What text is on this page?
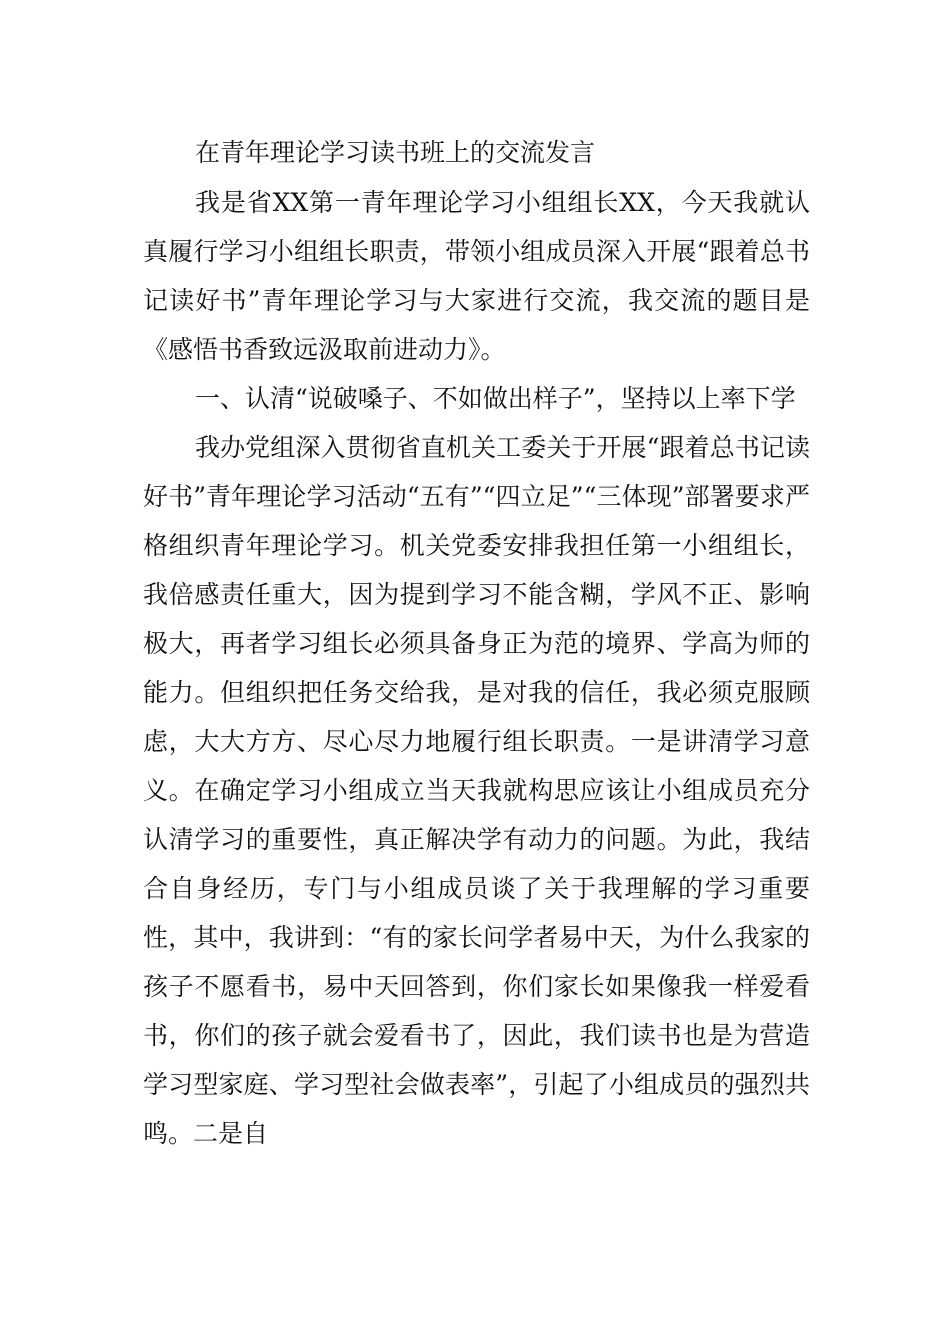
在青年理论学习读书班上的交流发言

我是省XX第一青年理论学习小组组长XX，今天我就认真履行学习小组组长职责，带领小组成员深入开展“跟着总书记读好书”青年理论学习与大家进行交流，我交流的题目是《感悟书香致远汲取前进动力》。

一、认清“说破嗓子、不如做出样子”，坚持以上率下学

我办党组深入贯彻省直机关工委关于开展“跟着总书记读好书”青年理论学习活动“五有”“四立足”“三体现”部署要求严格组织青年理论学习。机关党委安排我担任第一小组组长，我倍感责任重大，因为提到学习不能含糊，学风不正、影响极大，再者学习组长必须具备身正为范的境界、学高为师的能力。但组织把任务交给我，是对我的信任，我必须克服顾虑，大大方方、尽心尽力地履行组长职责。一是讲清学习意义。在确定学习小组成立当天我就构思应该让小组成员充分认清学习的重要性，真正解决学有动力的问题。为此，我结合自身经历，专门与小组成员谈了关于我理解的学习重要性，其中，我讲到：“有的家长问学者易中天，为什么我家的孩子不愿看书，易中天回答到，你们家长如果像我一样爱看书，你们的孩子就会爱看书了，因此，我们读书也是为营造学习型家庭、学习型社会做表率”，引起了小组成员的强烈共鸣。二是自
